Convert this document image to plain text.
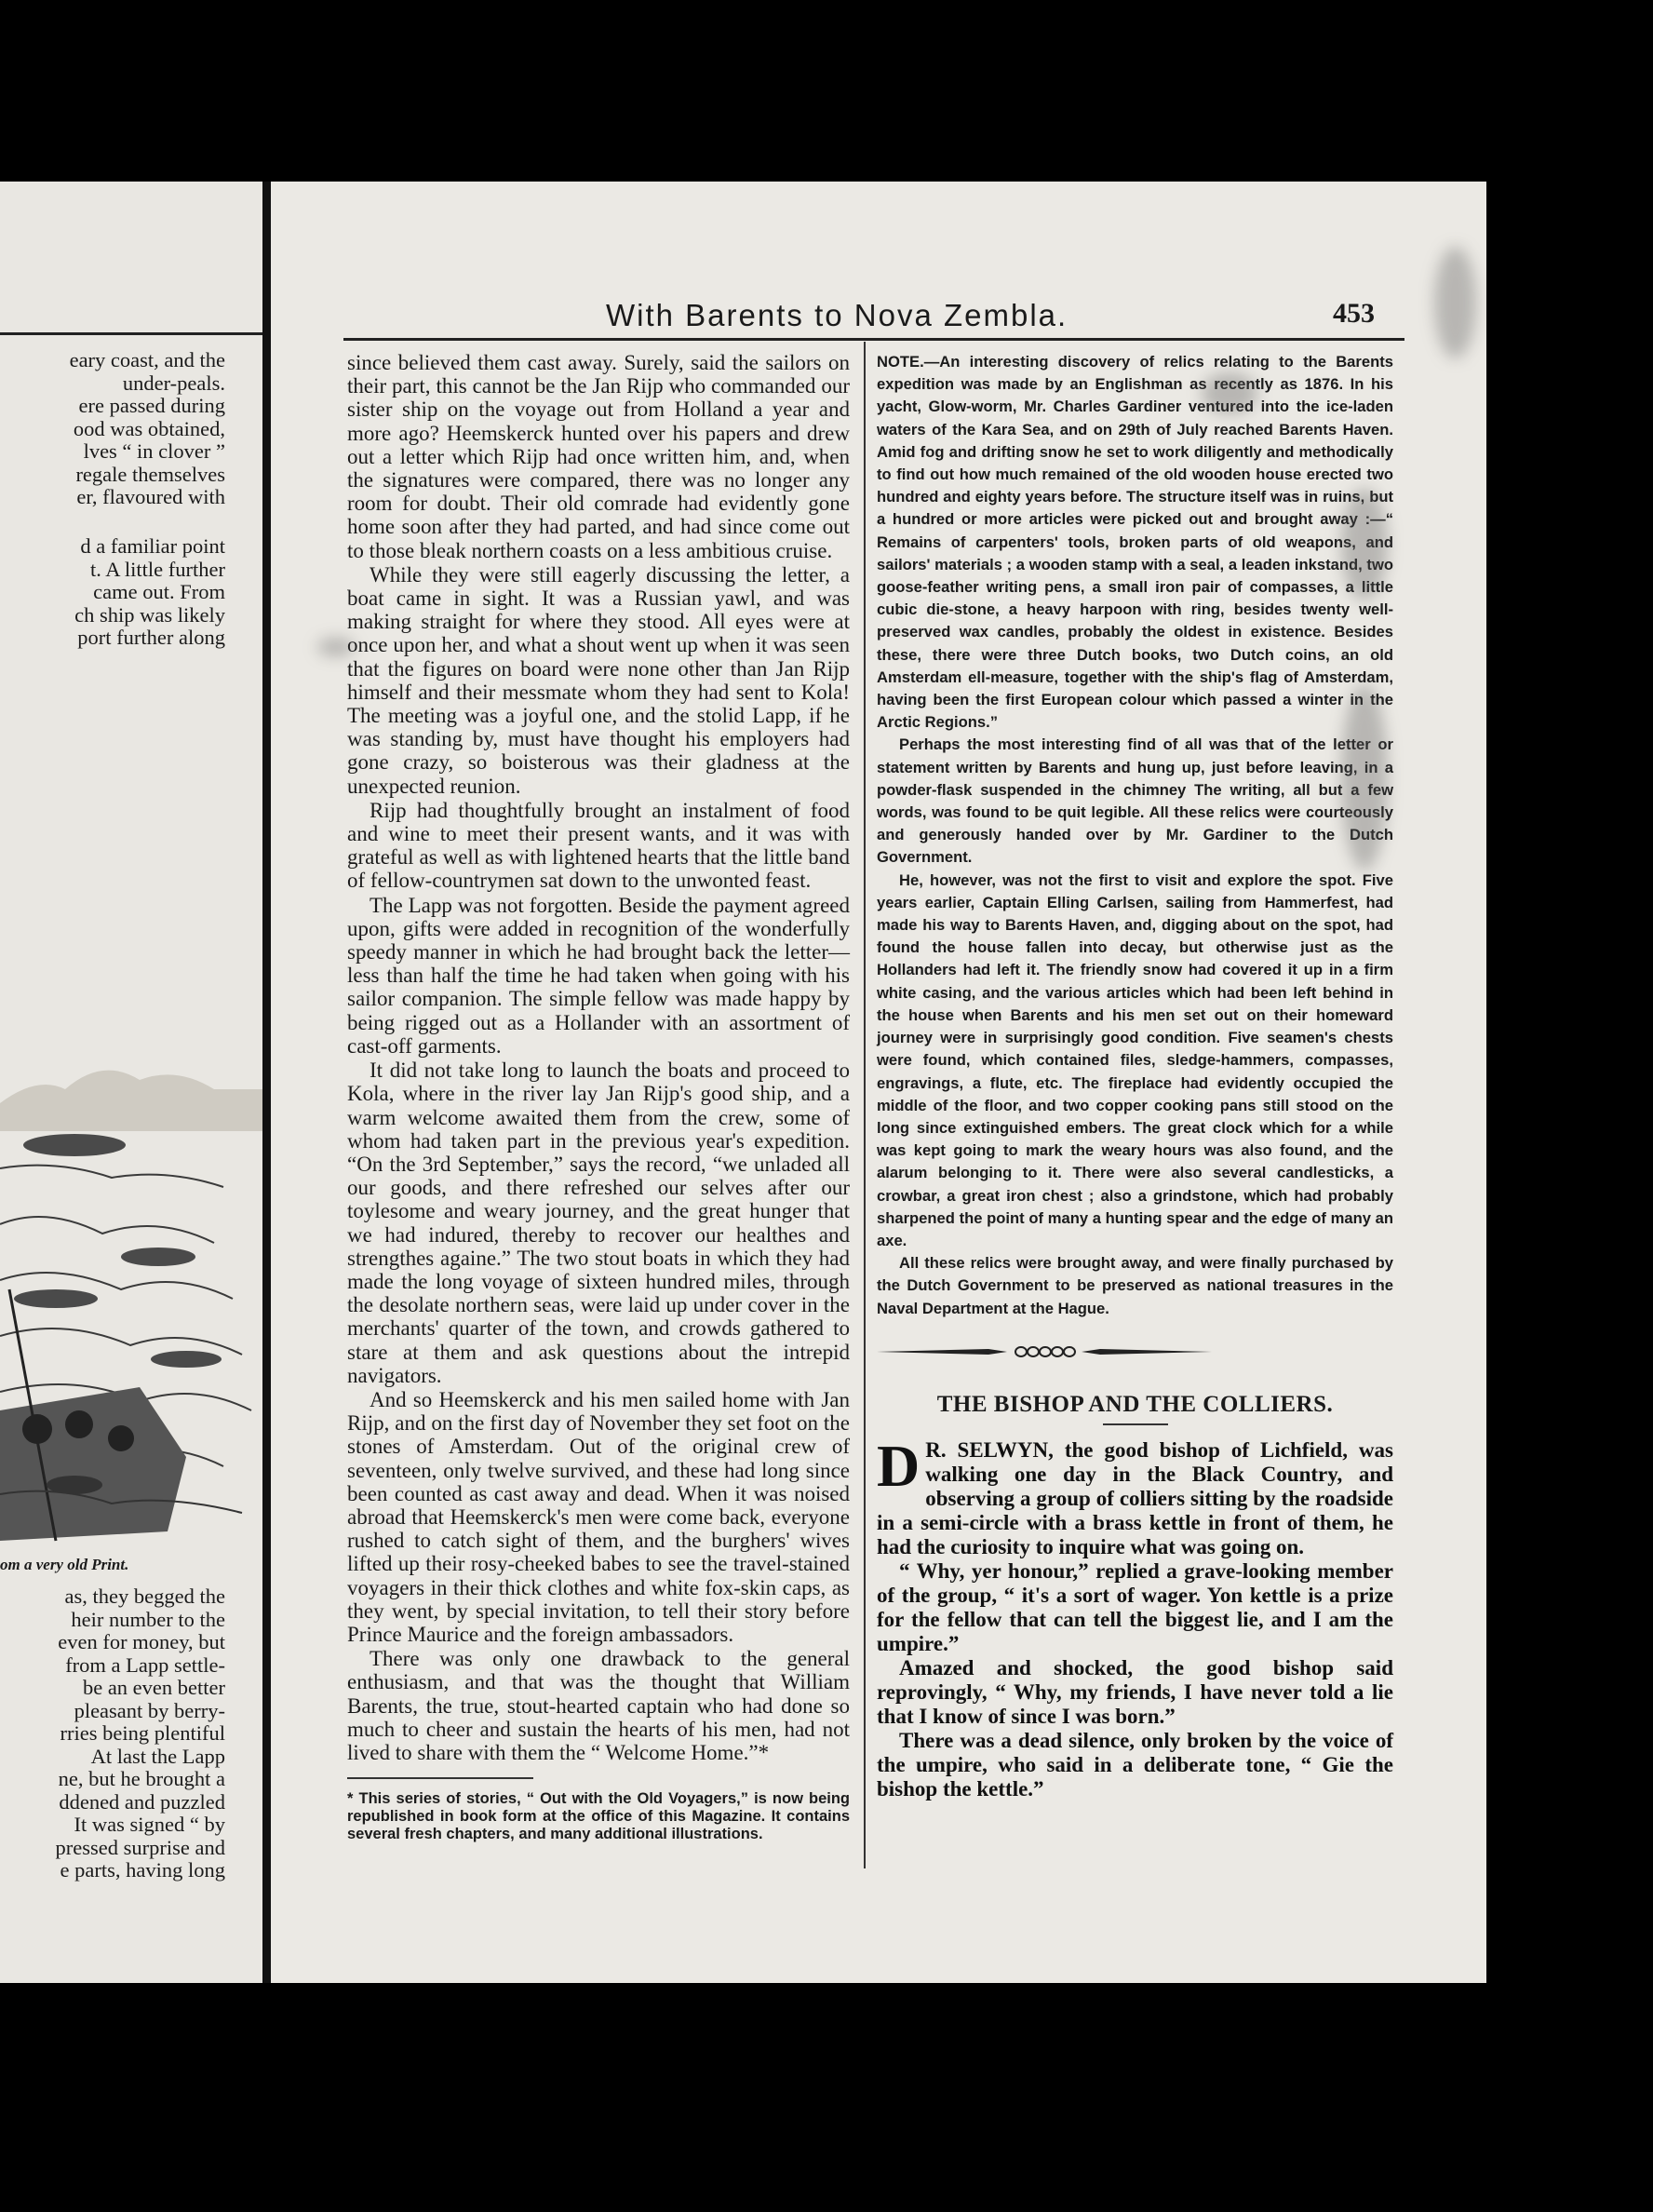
eary coast, and the

under-peals.

ere passed during

ood was obtained,

lves “ in clover ”

regale themselves

er, flavoured with

d a familiar point

t. A little further

came out. From

ch ship was likely

port further along

om a very old Print.

as, they begged the

heir number to the

even for money, but

from a Lapp settle-

be an even better

pleasant by berry-

rries being plentiful

At last the Lapp

ne, but he brought a

ddened and puzzled

It was signed “ by

pressed surprise and

e parts, having long

With Barents to Nova Zembla.	453

since believed them cast away. Surely, said the sailors on their part, this cannot be the Jan Rijp who commanded our sister ship on the voyage out from Holland a year and more ago? Heemskerck hunted over his papers and drew out a letter which Rijp had once written him, and, when the signatures were compared, there was no longer any room for doubt. Their old comrade had evidently gone home soon after they had parted, and had since come out to those bleak northern coasts on a less ambitious cruise.

While they were still eagerly discussing the letter, a boat came in sight. It was a Russian yawl, and was making straight for where they stood. All eyes were at once upon her, and what a shout went up when it was seen that the figures on board were none other than Jan Rijp himself and their messmate whom they had sent to Kola! The meeting was a joyful one, and the stolid Lapp, if he was standing by, must have thought his employers had gone crazy, so boisterous was their gladness at the unexpected reunion.

Rijp had thoughtfully brought an instalment of food and wine to meet their present wants, and it was with grateful as well as with lightened hearts that the little band of fellow-countrymen sat down to the unwonted feast.

The Lapp was not forgotten. Beside the payment agreed upon, gifts were added in recognition of the wonderfully speedy manner in which he had brought back the letter—less than half the time he had taken when going with his sailor companion. The simple fellow was made happy by being rigged out as a Hollander with an assortment of cast-off garments.

It did not take long to launch the boats and proceed to Kola, where in the river lay Jan Rijp's good ship, and a warm welcome awaited them from the crew, some of whom had taken part in the previous year's expedition. “On the 3rd September,” says the record, “we unladed all our goods, and there refreshed our selves after our toylesome and weary journey, and the great hunger that we had indured, thereby to recover our healthes and strengthes againe.” The two stout boats in which they had made the long voyage of sixteen hundred miles, through the desolate northern seas, were laid up under cover in the merchants' quarter of the town, and crowds gathered to stare at them and ask questions about the intrepid navigators.

And so Heemskerck and his men sailed home with Jan Rijp, and on the first day of November they set foot on the stones of Amsterdam. Out of the original crew of seventeen, only twelve survived, and these had long since been counted as cast away and dead. When it was noised abroad that Heemskerck's men were come back, everyone rushed to catch sight of them, and the burghers' wives lifted up their rosy-cheeked babes to see the travel-stained voyagers in their thick clothes and white fox-skin caps, as they went, by special invitation, to tell their story before Prince Maurice and the foreign ambassadors.

There was only one drawback to the general enthusiasm, and that was the thought that William Barents, the true, stout-hearted captain who had done so much to cheer and sustain the hearts of his men, had not lived to share with them the “ Welcome Home.”*

* This series of stories, “ Out with the Old Voyagers,” is now being republished in book form at the office of this Magazine. It contains several fresh chapters, and many additional illustrations.

NOTE.—An interesting discovery of relics relating to the Barents expedition was made by an Englishman as recently as 1876. In his yacht, Glow-worm, Mr. Charles Gardiner ventured into the ice-laden waters of the Kara Sea, and on 29th of July reached Barents Haven. Amid fog and drifting snow he set to work diligently and methodically to find out how much remained of the old wooden house erected two hundred and eighty years before. The structure itself was in ruins, but a hundred or more articles were picked out and brought away :—“ Remains of carpenters' tools, broken parts of old weapons, and sailors' materials ; a wooden stamp with a seal, a leaden inkstand, two goose-feather writing pens, a small iron pair of compasses, a little cubic die-stone, a heavy harpoon with ring, besides twenty well-preserved wax candles, probably the oldest in existence. Besides these, there were three Dutch books, two Dutch coins, an old Amsterdam ell-measure, together with the ship's flag of Amsterdam, having been the first European colour which passed a winter in the Arctic Regions.”

Perhaps the most interesting find of all was that of the letter or statement written by Barents and hung up, just before leaving, in a powder-flask suspended in the chimney The writing, all but a few words, was found to be quit legible. All these relics were courteously and generously handed over by Mr. Gardiner to the Dutch Government.

He, however, was not the first to visit and explore the spot. Five years earlier, Captain Elling Carlsen, sailing from Hammerfest, had made his way to Barents Haven, and, digging about on the spot, had found the house fallen into decay, but otherwise just as the Hollanders had left it. The friendly snow had covered it up in a firm white casing, and the various articles which had been left behind in the house when Barents and his men set out on their homeward journey were in surprisingly good condition. Five seamen's chests were found, which contained files, sledge-hammers, compasses, engravings, a flute, etc. The fireplace had evidently occupied the middle of the floor, and two copper cooking pans still stood on the long since extinguished embers. The great clock which for a while was kept going to mark the weary hours was also found, and the alarum belonging to it. There were also several candlesticks, a crowbar, a great iron chest ; also a grindstone, which had probably sharpened the point of many a hunting spear and the edge of many an axe.

All these relics were brought away, and were finally purchased by the Dutch Government to be preserved as national treasures in the Naval Department at the Hague.

THE BISHOP AND THE COLLIERS.

D R. SELWYN, the good bishop of Lichfield, was walking one day in the Black Country, and observing a group of colliers sitting by the roadside in a semi-circle with a brass kettle in front of them, he had the curiosity to inquire what was going on.

“ Why, yer honour,” replied a grave-looking member of the group, “ it's a sort of wager. Yon kettle is a prize for the fellow that can tell the biggest lie, and I am the umpire.”

Amazed and shocked, the good bishop said reprovingly, “ Why, my friends, I have never told a lie that I know of since I was born.”

There was a dead silence, only broken by the voice of the umpire, who said in a deliberate tone, “ Gie the bishop the kettle.”
